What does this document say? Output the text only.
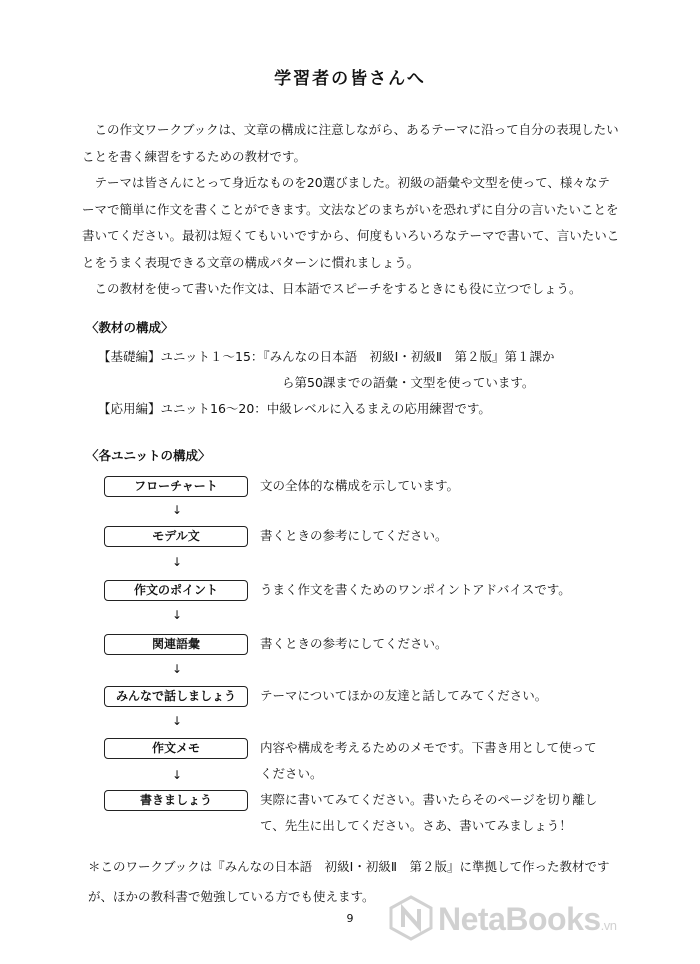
学習者の皆さんへ

この作文ワークブックは、文章の構成に注意しながら、あるテーマに沿って自分の表現したいことを書く練習をするための教材です。

テーマは皆さんにとって身近なものを20選びました。初級の語彙や文型を使って、様々なテーマで簡単に作文を書くことができます。文法などのまちがいを恐れずに自分の言いたいことを書いてください。最初は短くてもいいですから、何度もいろいろなテーマで書いて、言いたいことをうまく表現できる文章の構成パターンに慣れましょう。

この教材を使って書いた作文は、日本語でスピーチをするときにも役に立つでしょう。

〈教材の構成〉
【基礎編】ユニット１～15：『みんなの日本語　初級Ⅰ・初級Ⅱ　第２版』第１課か
ら第50課までの語彙・文型を使っています。
【応用編】ユニット16～20：中級レベルに入るまえの応用練習です。
〈各ユニットの構成〉
フローチャート	文の全体的な構成を示しています。
↓
モデル文	書くときの参考にしてください。
↓
作文のポイント	うまく作文を書くためのワンポイントアドバイスです。
↓
関連語彙	書くときの参考にしてください。
↓
みんなで話しましょう	テーマについてほかの友達と話してみてください。
↓
作文メモ	内容や構成を考えるためのメモです。下書き用として使ってください。
↓
書きましょう	実際に書いてみてください。書いたらそのページを切り離して、先生に出してください。さあ、書いてみましょう！
＊このワークブックは『みんなの日本語　初級Ⅰ・初級Ⅱ　第２版』に準拠して作った教材ですが、ほかの教科書で勉強している方でも使えます。
9	NetaBooks.vn
